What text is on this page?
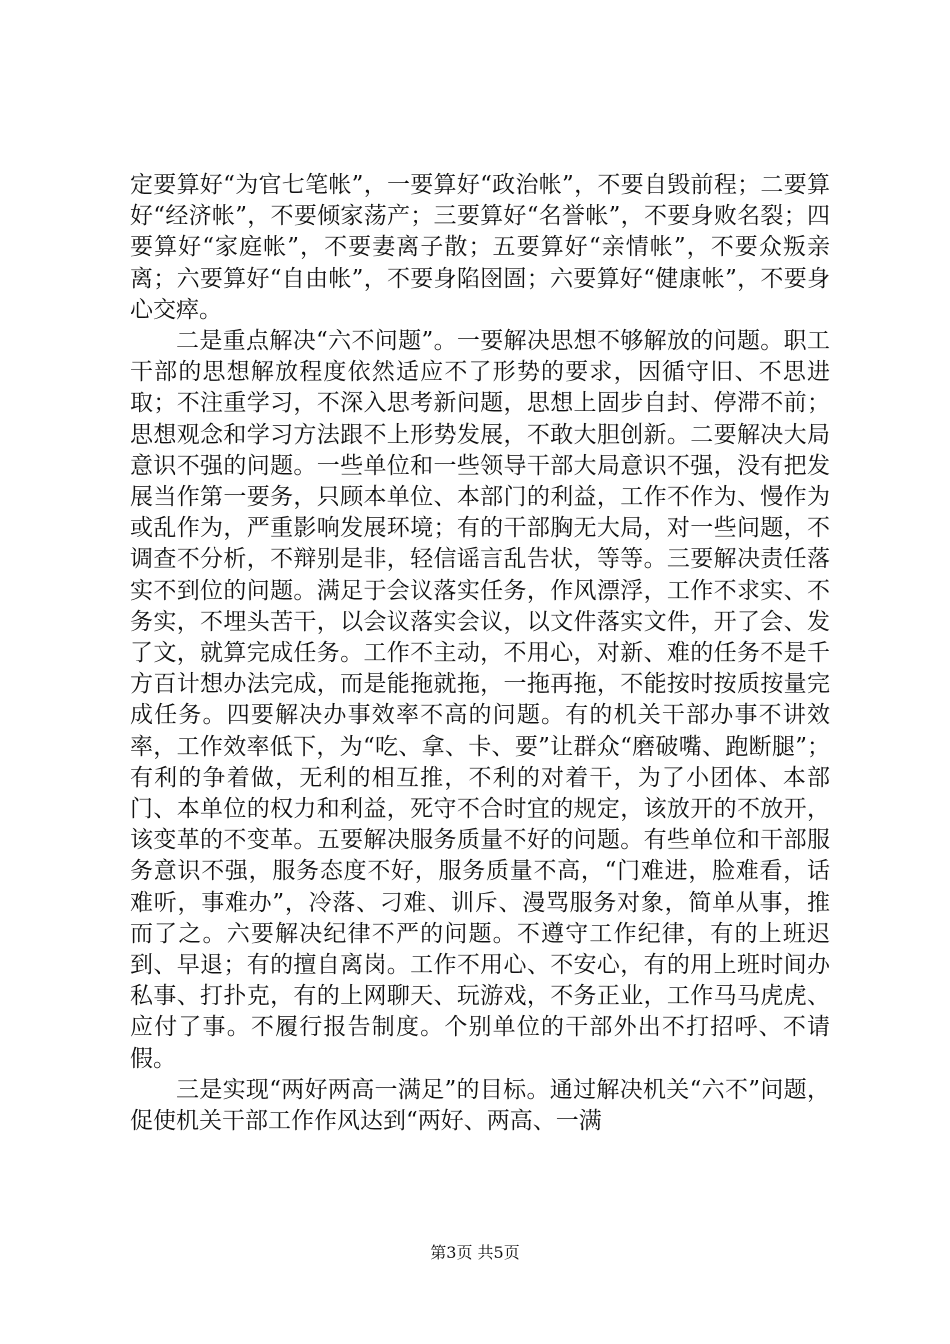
定要算好“为官七笔帐”，一要算好“政治帐”，不要自毁前程；二要算好“经济帐”，不要倾家荡产；三要算好“名誉帐”，不要身败名裂；四要算好“家庭帐”，不要妻离子散；五要算好“亲情帐”，不要众叛亲离；六要算好“自由帐”，不要身陷囹圄；六要算好“健康帐”，不要身心交瘁。

二是重点解决“六不问题”。一要解决思想不够解放的问题。职工干部的思想解放程度依然适应不了形势的要求，因循守旧、不思进取；不注重学习，不深入思考新问题，思想上固步自封、停滞不前；思想观念和学习方法跟不上形势发展，不敢大胆创新。二要解决大局意识不强的问题。一些单位和一些领导干部大局意识不强，没有把发展当作第一要务，只顾本单位、本部门的利益，工作不作为、慢作为或乱作为，严重影响发展环境；有的干部胸无大局，对一些问题，不调查不分析，不辩别是非，轻信谣言乱告状，等等。三要解决责任落实不到位的问题。满足于会议落实任务，作风漂浮，工作不求实、不务实，不埋头苦干，以会议落实会议，以文件落实文件，开了会、发了文，就算完成任务。工作不主动，不用心，对新、难的任务不是千方百计想办法完成，而是能拖就拖，一拖再拖，不能按时按质按量完成任务。四要解决办事效率不高的问题。有的机关干部办事不讲效率，工作效率低下，为“吃、拿、卡、要”让群众“磨破嘴、跑断腿”；有利的争着做，无利的相互推，不利的对着干，为了小团体、本部门、本单位的权力和利益，死守不合时宜的规定，该放开的不放开，该变革的不变革。五要解决服务质量不好的问题。有些单位和干部服务意识不强，服务态度不好，服务质量不高，“门难进，脸难看，话难听，事难办”，冷落、刁难、训斥、漫骂服务对象，简单从事，推而了之。六要解决纪律不严的问题。不遵守工作纪律，有的上班迟到、早退；有的擅自离岗。工作不用心、不安心，有的用上班时间办私事、打扑克，有的上网聊天、玩游戏，不务正业，工作马马虎虎、应付了事。不履行报告制度。个别单位的干部外出不打招呼、不请假。

三是实现“两好两高一满足”的目标。通过解决机关“六不”问题，促使机关干部工作作风达到“两好、两高、一满

第3页 共5页
